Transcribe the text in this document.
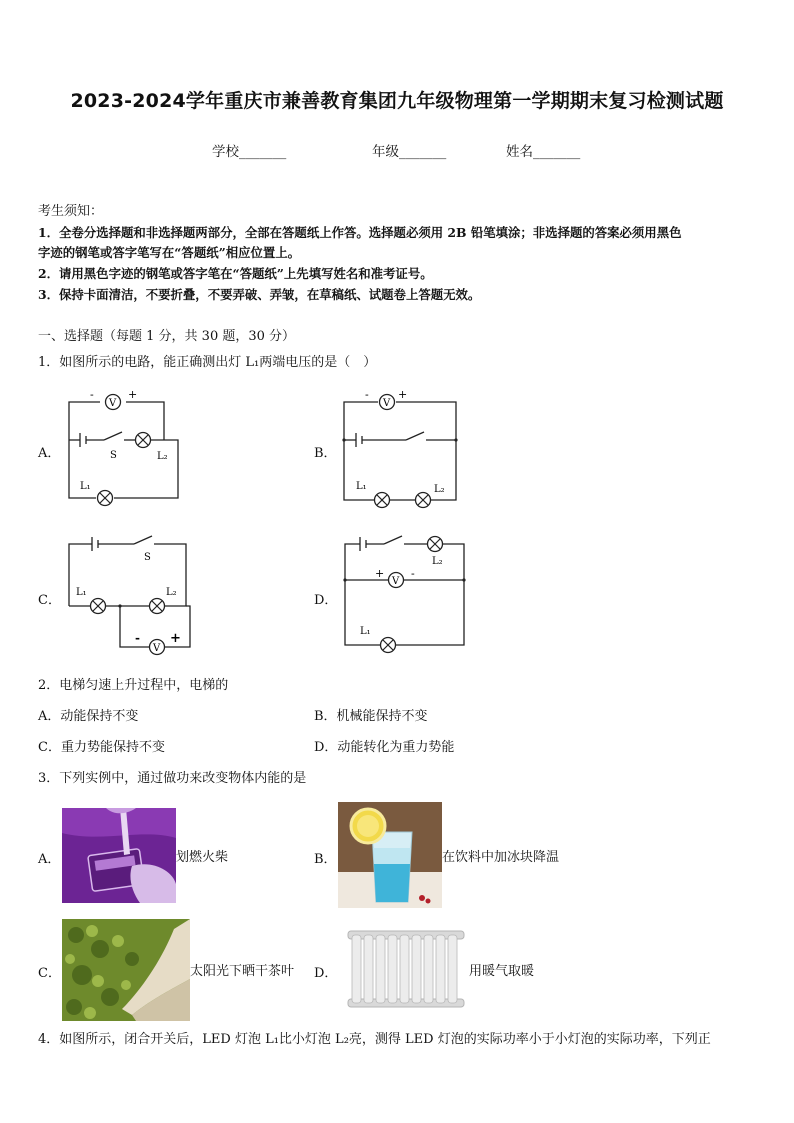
2023-2024学年重庆市兼善教育集团九年级物理第一学期期末复习检测试题
学校_______	年级_______	姓名_______
考生须知：
1．全卷分选择题和非选择题两部分，全部在答题纸上作答。选择题必须用 2B 铅笔填涂；非选择题的答案必须用黑色
字迹的钢笔或答字笔写在“答题纸”相应位置上。
2．请用黑色字迹的钢笔或答字笔在“答题纸”上先填写姓名和准考证号。
3．保持卡面清洁，不要折叠，不要弄破、弄皱，在草稿纸、试题卷上答题无效。
一、选择题（每题 1 分，共 30 题，30 分）
1．如图所示的电路，能正确测出灯 L₁两端电压的是（　）
A．	B．
C．	D．
V
-	+
S	L₂
L₁
V
-	+
L₁	L₂
V
- +
S
L₁	L₂
V
+ -
L₂
L₁
2．电梯匀速上升过程中，电梯的
A．动能保持不变	B．机械能保持不变
C．重力势能保持不变	D．动能转化为重力势能
3．下列实例中，通过做功来改变物体内能的是
A．	划燃火柴	B．	在饮料中加冰块降温
C．	太阳光下晒干茶叶 D．	用暖气取暖
4．如图所示，闭合开关后，LED 灯泡 L₁比小灯泡 L₂亮，测得 LED 灯泡的实际功率小于小灯泡的实际功率，下列正
